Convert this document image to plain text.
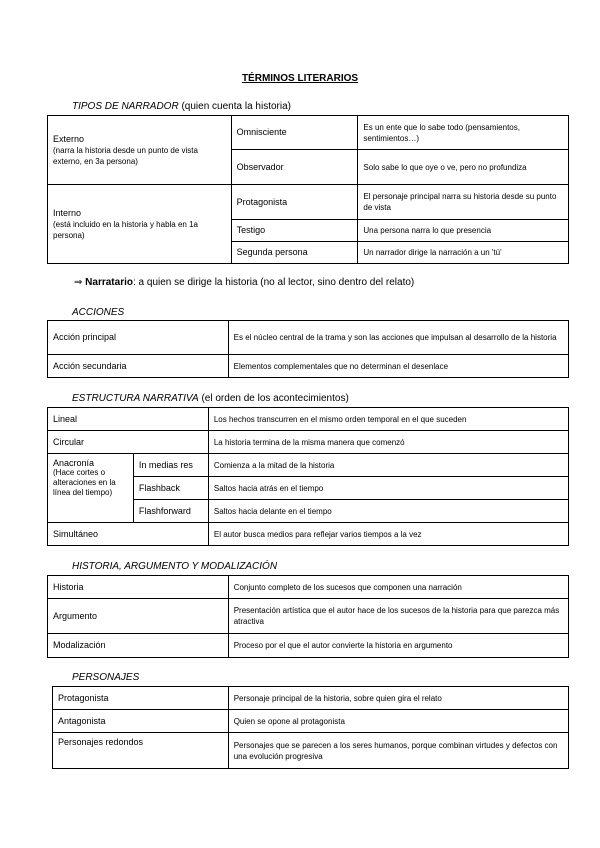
TÉRMINOS LITERARIOS
TIPOS DE NARRADOR (quien cuenta la historia)
Externo
(narra la historia desde un punto de vista externo, en 3a persona)	Omnisciente	Es un ente que lo sabe todo (pensamientos, sentimientos…)
	Observador	Solo sabe lo que oye o ve, pero no profundiza

Interno
(está incluido en la historia y habla en 1a persona)	Protagonista	El personaje principal narra su historia desde su punto de vista
	Testigo	Una persona narra lo que presencia
	Segunda persona	Un narrador dirige la narración a un 'tú'
⇒ Narratario: a quien se dirige la historia (no al lector, sino dentro del relato)
ACCIONES
Acción principal	Es el núcleo central de la trama y son las acciones que impulsan al desarrollo de la historia
Acción secundaria	Elementos complementales que no determinan el desenlace
ESTRUCTURA NARRATIVA (el orden de los acontecimientos)
Lineal		Los hechos transcurren en el mismo orden temporal en el que suceden
Circular		La historia termina de la misma manera que comenzó

Anacronía
(Hace cortes o alteraciones en la línea del tiempo)	In medias res	Comienza a la mitad de la historia
	Flashback	Saltos hacia atrás en el tiempo
	Flashforward	Saltos hacia delante en el tiempo
Simultáneo		El autor busca medios para reflejar varios tiempos a la vez
HISTORIA, ARGUMENTO Y MODALIZACIÓN
Historia	Conjunto completo de los sucesos que componen una narración
Argumento	Presentación artística que el autor hace de los sucesos de la historia para que parezca más atractiva
Modalización	Proceso por el que el autor convierte la historia en argumento
PERSONAJES
Protagonista	Personaje principal de la historia, sobre quien gira el relato
Antagonista	Quien se opone al protagonista
Personajes redondos	Personajes que se parecen a los seres humanos, porque combinan virtudes y defectos con una evolución progresiva
